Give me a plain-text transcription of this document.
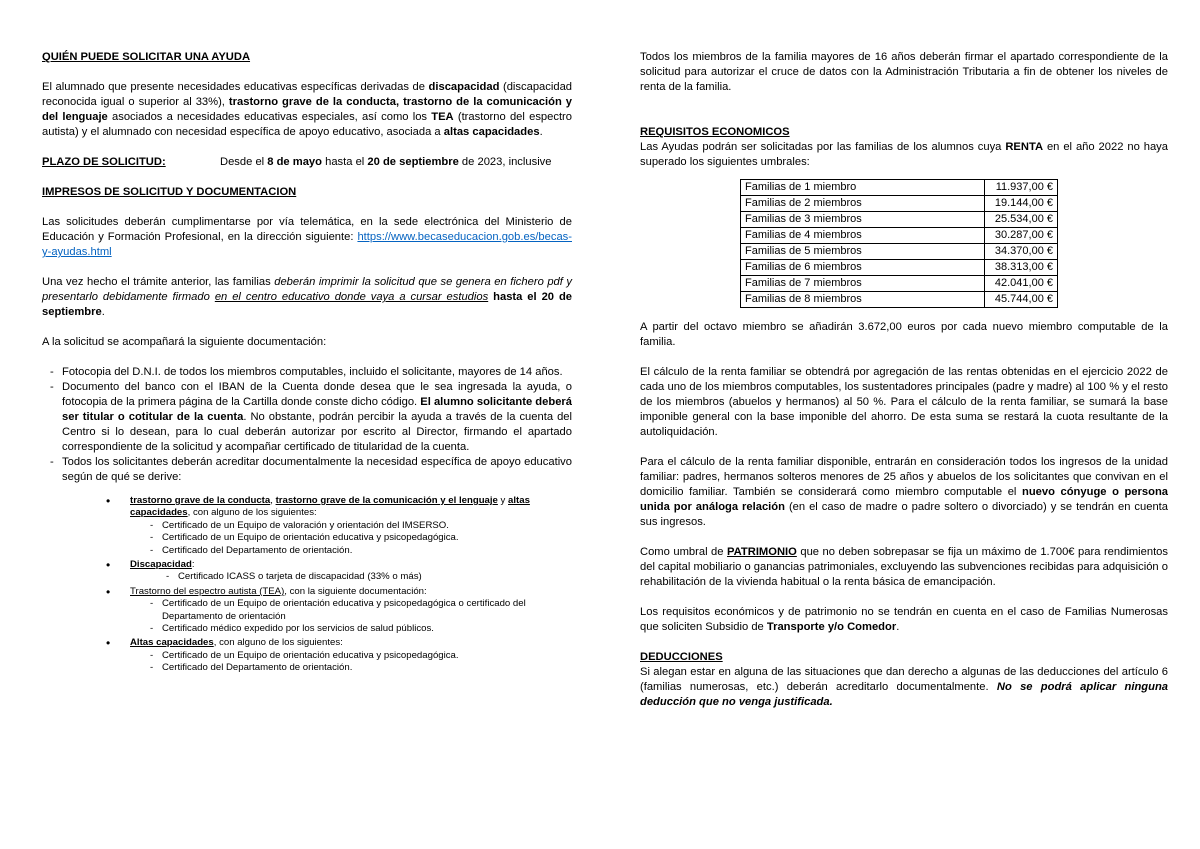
QUIÉN PUEDE SOLICITAR UNA AYUDA

El alumnado que presente necesidades educativas específicas derivadas de discapacidad (discapacidad reconocida igual o superior al 33%), trastorno grave de la conducta, trastorno de la comunicación y del lenguaje asociados a necesidades educativas especiales, así como los TEA (trastorno del espectro autista) y el alumnado con necesidad específica de apoyo educativo, asociada a altas capacidades.

PLAZO DE SOLICITUD:	Desde el 8 de mayo hasta el 20 de septiembre de 2023, inclusive

IMPRESOS DE SOLICITUD Y DOCUMENTACION

Las solicitudes deberán cumplimentarse por vía telemática, en la sede electrónica del Ministerio de Educación y Formación Profesional, en la dirección siguiente: https://www.becaseducacion.gob.es/becas-y-ayudas.html

Una vez hecho el trámite anterior, las familias deberán imprimir la solicitud que se genera en fichero pdf y presentarlo debidamente firmado en el centro educativo donde vaya a cursar estudios hasta el 20 de septiembre.

A la solicitud se acompañará la siguiente documentación:

- Fotocopia del D.N.I. de todos los miembros computables, incluido el solicitante, mayores de 14 años.
- Documento del banco con el IBAN de la Cuenta donde desea que le sea ingresada la ayuda, o fotocopia de la primera página de la Cartilla donde conste dicho código. El alumno solicitante deberá ser titular o cotitular de la cuenta. No obstante, podrán percibir la ayuda a través de la cuenta del Centro si lo desean, para lo cual deberán autorizar por escrito al Director, firmando el apartado correspondiente de la solicitud y acompañar certificado de titularidad de la cuenta.
- Todos los solicitantes deberán acreditar documentalmente la necesidad específica de apoyo educativo según de qué se derive:
• trastorno grave de la conducta, trastorno grave de la comunicación y el lenguaje y altas capacidades, con alguno de los siguientes:
- Certificado de un Equipo de valoración y orientación del IMSERSO.
- Certificado de un Equipo de orientación educativa y psicopedagógica.
- Certificado del Departamento de orientación.
• Discapacidad:
- Certificado ICASS o tarjeta de discapacidad (33% o más)
• Trastorno del espectro autista (TEA), con la siguiente documentación:
- Certificado de un Equipo de orientación educativa y psicopedagógica o certificado del Departamento de orientación
- Certificado médico expedido por los servicios de salud públicos.
• Altas capacidades, con alguno de los siguientes:
- Certificado de un Equipo de orientación educativa y psicopedagógica.
- Certificado del Departamento de orientación.

Todos los miembros de la familia mayores de 16 años deberán firmar el apartado correspondiente de la solicitud para autorizar el cruce de datos con la Administración Tributaria a fin de obtener los niveles de renta de la familia.

REQUISITOS ECONOMICOS

Las Ayudas podrán ser solicitadas por las familias de los alumnos cuya RENTA en el año 2022 no haya superado los siguientes umbrales:

Familias de 1 miembro	11.937,00 €
Familias de 2 miembros	19.144,00 €
Familias de 3 miembros	25.534,00 €
Familias de 4 miembros	30.287,00 €
Familias de 5 miembros	34.370,00 €
Familias de 6 miembros	38.313,00 €
Familias de 7 miembros	42.041,00 €
Familias de 8 miembros	45.744,00 €

A partir del octavo miembro se añadirán 3.672,00 euros por cada nuevo miembro computable de la familia.

El cálculo de la renta familiar se obtendrá por agregación de las rentas obtenidas en el ejercicio 2022 de cada uno de los miembros computables, los sustentadores principales (padre y madre) al 100 % y el resto de los miembros (abuelos y hermanos) al 50 %. Para el cálculo de la renta familiar, se sumará la base imponible general con la base imponible del ahorro. De esta suma se restará la cuota resultante de la autoliquidación.

Para el cálculo de la renta familiar disponible, entrarán en consideración todos los ingresos de la unidad familiar: padres, hermanos solteros menores de 25 años y abuelos de los solicitantes que convivan en el domicilio familiar. También se considerará como miembro computable el nuevo cónyuge o persona unida por análoga relación (en el caso de madre o padre soltero o divorciado) y se tendrán en cuenta sus ingresos.

Como umbral de PATRIMONIO que no deben sobrepasar se fija un máximo de 1.700€ para rendimientos del capital mobiliario o ganancias patrimoniales, excluyendo las subvenciones recibidas para adquisición o rehabilitación de la vivienda habitual o la renta básica de emancipación.

Los requisitos económicos y de patrimonio no se tendrán en cuenta en el caso de Familias Numerosas que soliciten Subsidio de Transporte y/o Comedor.

DEDUCCIONES

Si alegan estar en alguna de las situaciones que dan derecho a algunas de las deducciones del artículo 6 (familias numerosas, etc.) deberán acreditarlo documentalmente. No se podrá aplicar ninguna deducción que no venga justificada.
